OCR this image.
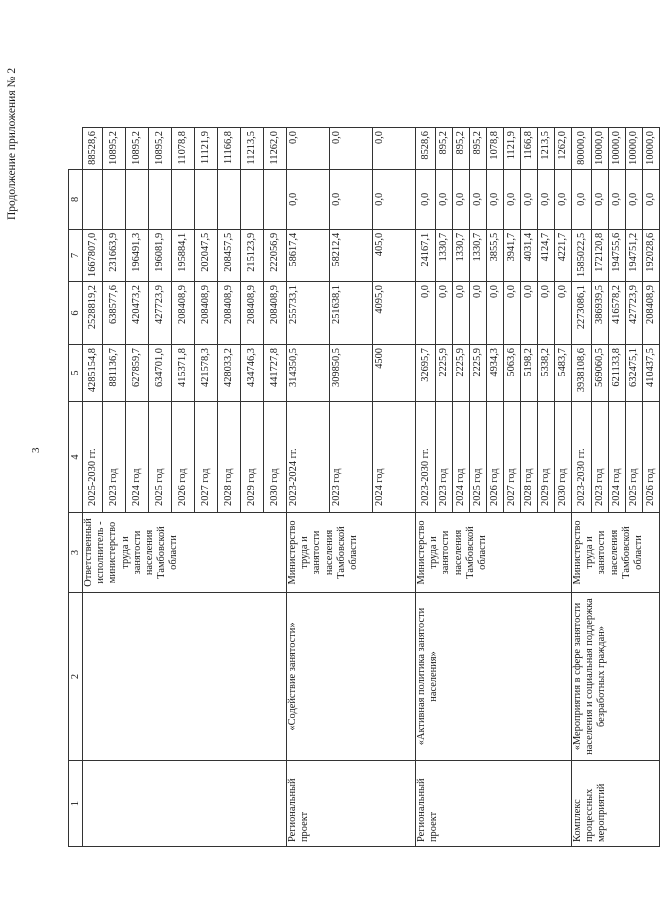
Продолжение приложения № 2
3
1	2	3	4	5	6	7	8	
		Ответственный исполнитель - министерство труда и занятости населения Тамбовской области	2025-2030 гг.	4285154,8	2528819,2	1667807,0		88528,6
			2023 год	881136,7	638577,6	231663,9		10895,2
			2024 год	627859,7	420473,2	196491,3		10895,2
			2025 год	634701,0	427723,9	196081,9		10895,2
			2026 год	415371,8	208408,9	195884,1		11078,8
			2027 год	421578,3	208408,9	202047,5		11121,9
			2028 год	428033,2	208408,9	208457,5		11166,8
			2029 год	434746,3	208408,9	215123,9		11213,5
			2030 год	441727,8	208408,9	222056,9		11262,0
Региональный проект	«Содействие занятости»	Министерство труда и занятости населения Тамбовской области	2023-2024 гг.	314350,5	255733,1	58617,4	0,0	0,0
			2023 год	309850,5	251638,1	58212,4	0,0	0,0
			2024 год	4500	4095,0	405,0	0,0	0,0
Региональный проект	«Активная политика занятости населения»	Министерство труда и занятости населения Тамбовской области	2023-2030 гг.	32695,7	0,0	24167,1	0,0	8528,6
			2023 год	2225,9	0,0	1330,7	0,0	895,2
			2024 год	2225,9	0,0	1330,7	0,0	895,2
			2025 год	2225,9	0,0	1330,7	0,0	895,2
			2026 год	4934,3	0,0	3855,5	0,0	1078,8
			2027 год	5063,6	0,0	3941,7	0,0	1121,9
			2028 год	5198,2	0,0	4031,4	0,0	1166,8
			2029 год	5338,2	0,0	4124,7	0,0	1213,5
			2030 год	5483,7	0,0	4221,7	0,0	1262,0
Комплекс процессных мероприятий	«Мероприятия в сфере занятости населения и социальная поддержка безработных граждан»	Министерство труда и занятости населения Тамбовской области	2023-2030 гг.	3938108,6	2273086,1	1585022,5	0,0	80000,0
			2023 год	569060,5	386939,5	172120,8	0,0	10000,0
			2024 год	621133,8	416578,2	194755,6	0,0	10000,0
			2025 год	632475,1	427723,9	194751,2	0,0	10000,0
			2026 год	410437,5	208408,9	192028,6	0,0	10000,0
